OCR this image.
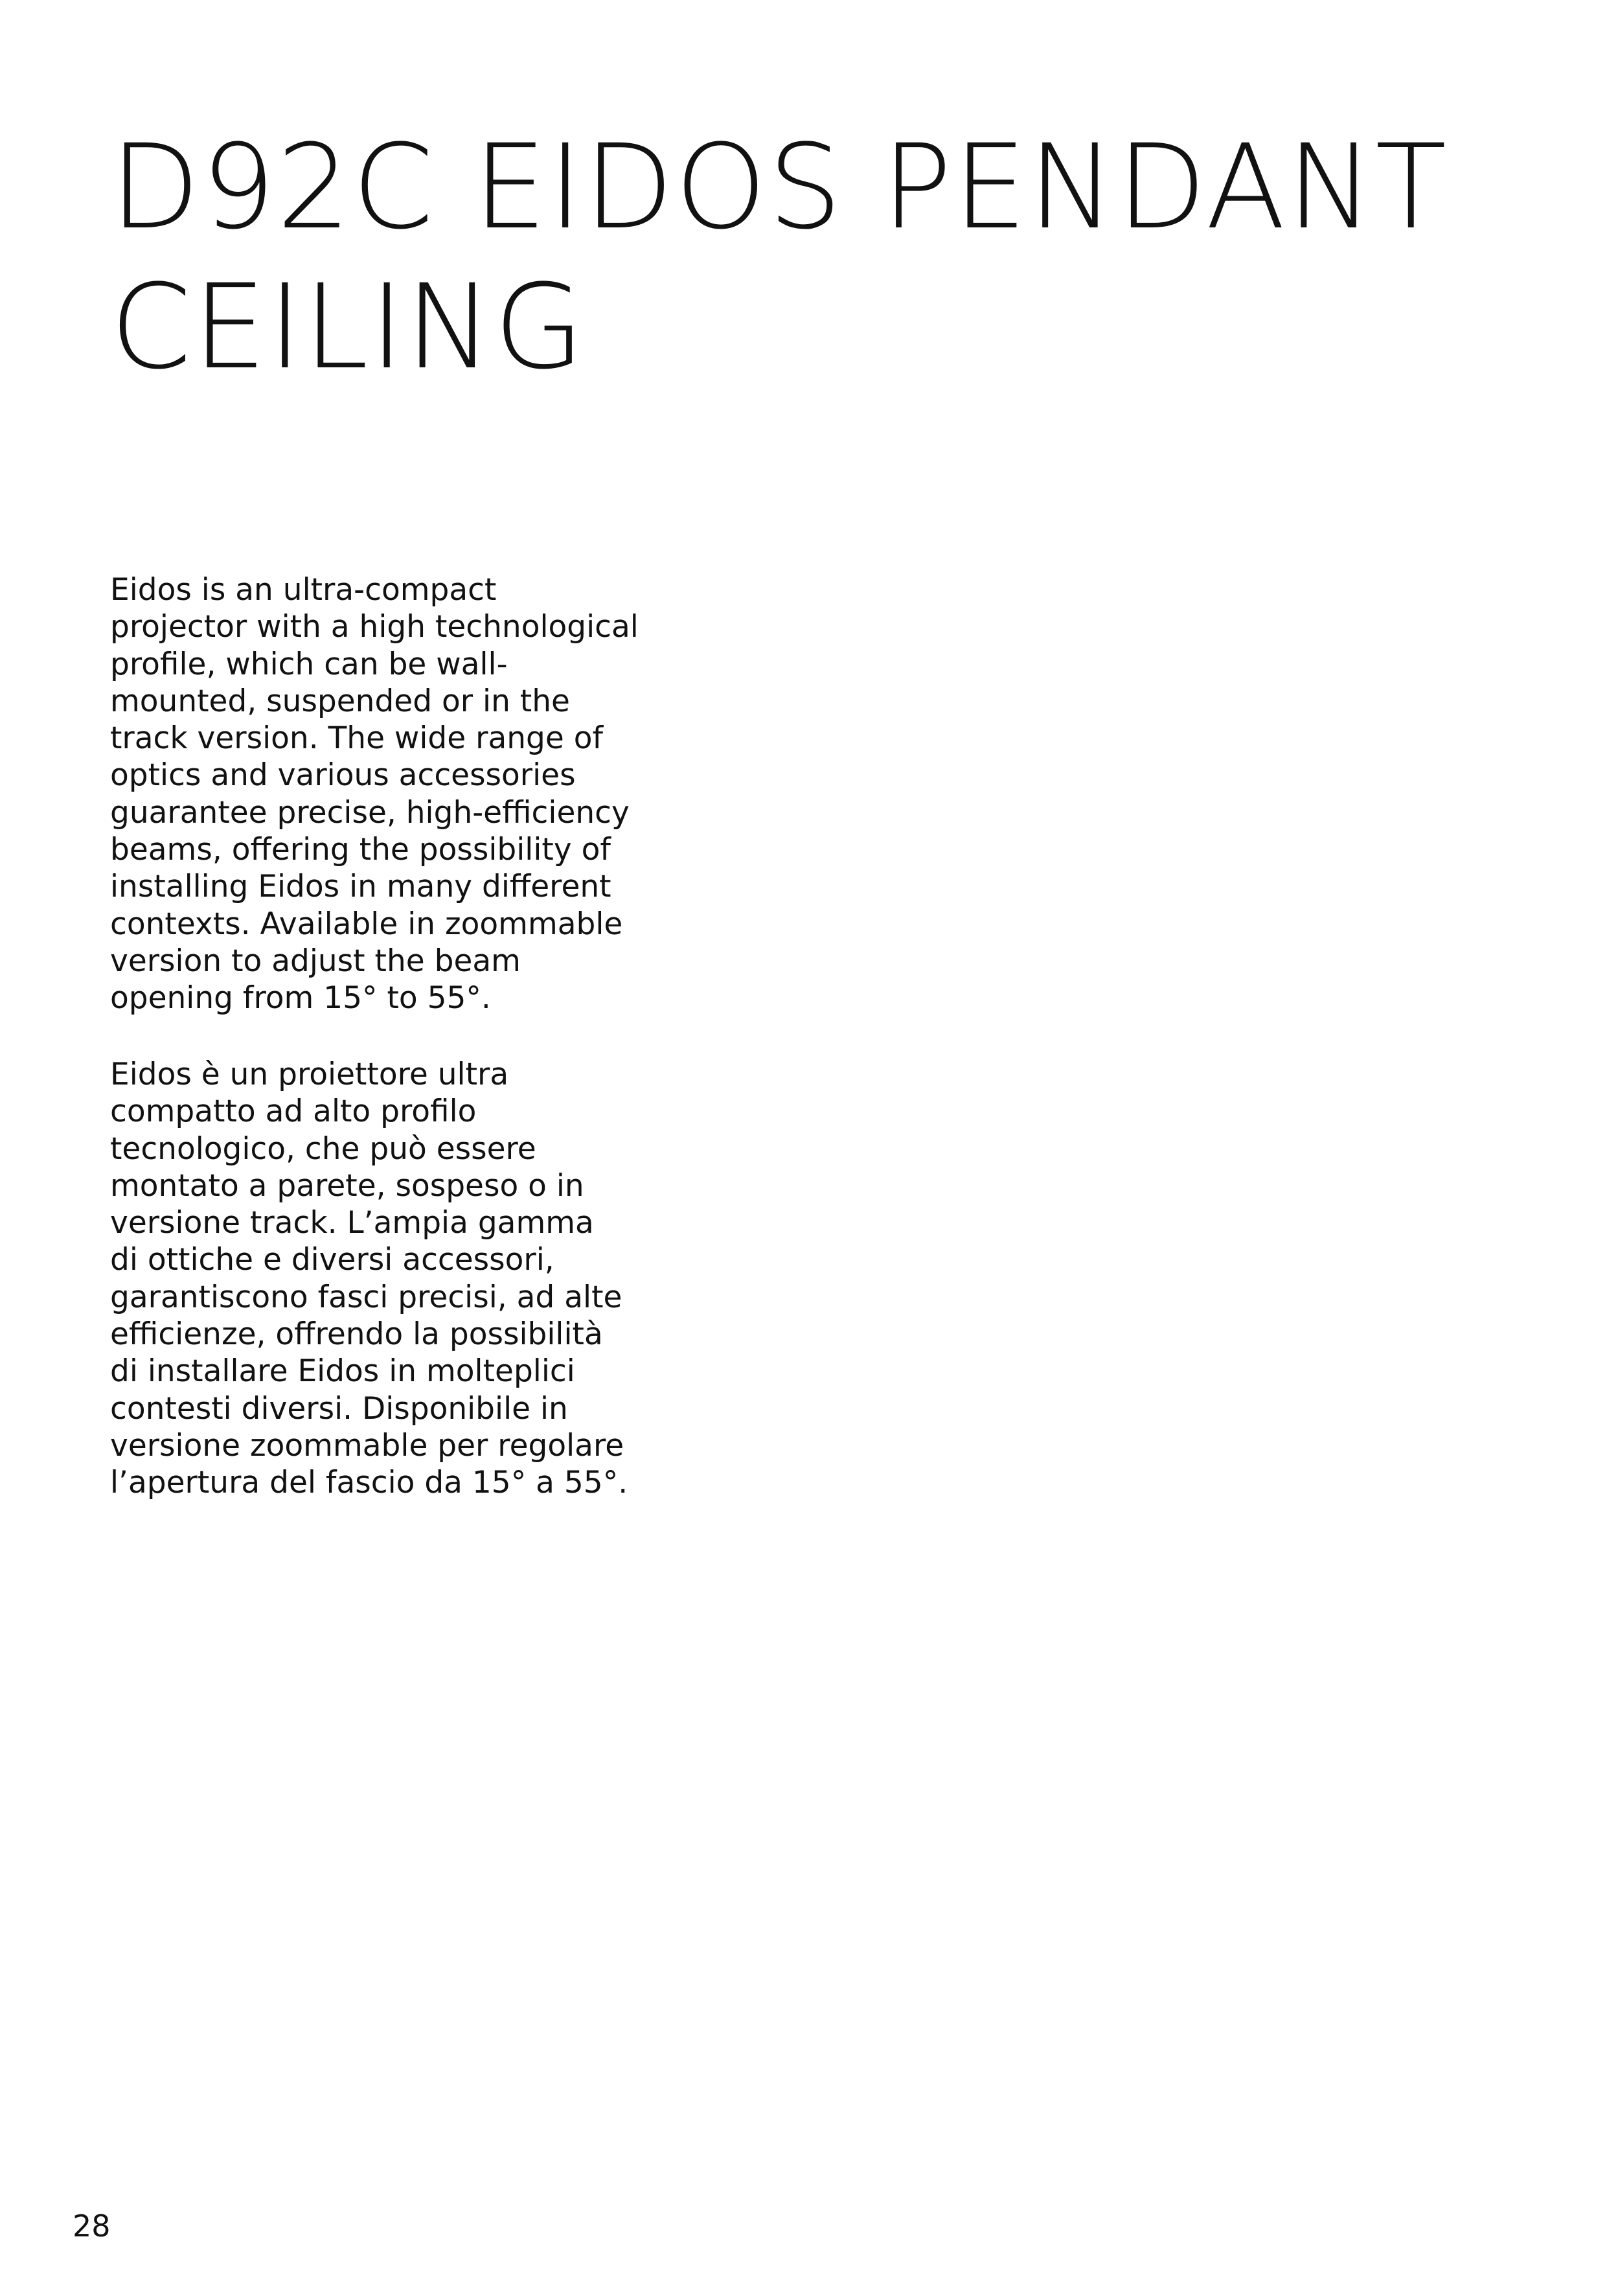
D92C EIDOS PENDANT
CEILING

Eidos is an ultra-compact
projector with a high technological
profile, which can be wall-
mounted, suspended or in the
track version. The wide range of
optics and various accessories
guarantee precise, high-efficiency
beams, offering the possibility of
installing Eidos in many different
contexts. Available in zoommable
version to adjust the beam
opening from 15° to 55°.

Eidos è un proiettore ultra
compatto ad alto profilo
tecnologico, che può essere
montato a parete, sospeso o in
versione track. L’ampia gamma
di ottiche e diversi accessori,
garantiscono fasci precisi, ad alte
efficienze, offrendo la possibilità
di installare Eidos in molteplici
contesti diversi. Disponibile in
versione zoommable per regolare
l’apertura del fascio da 15° a 55°.

28
